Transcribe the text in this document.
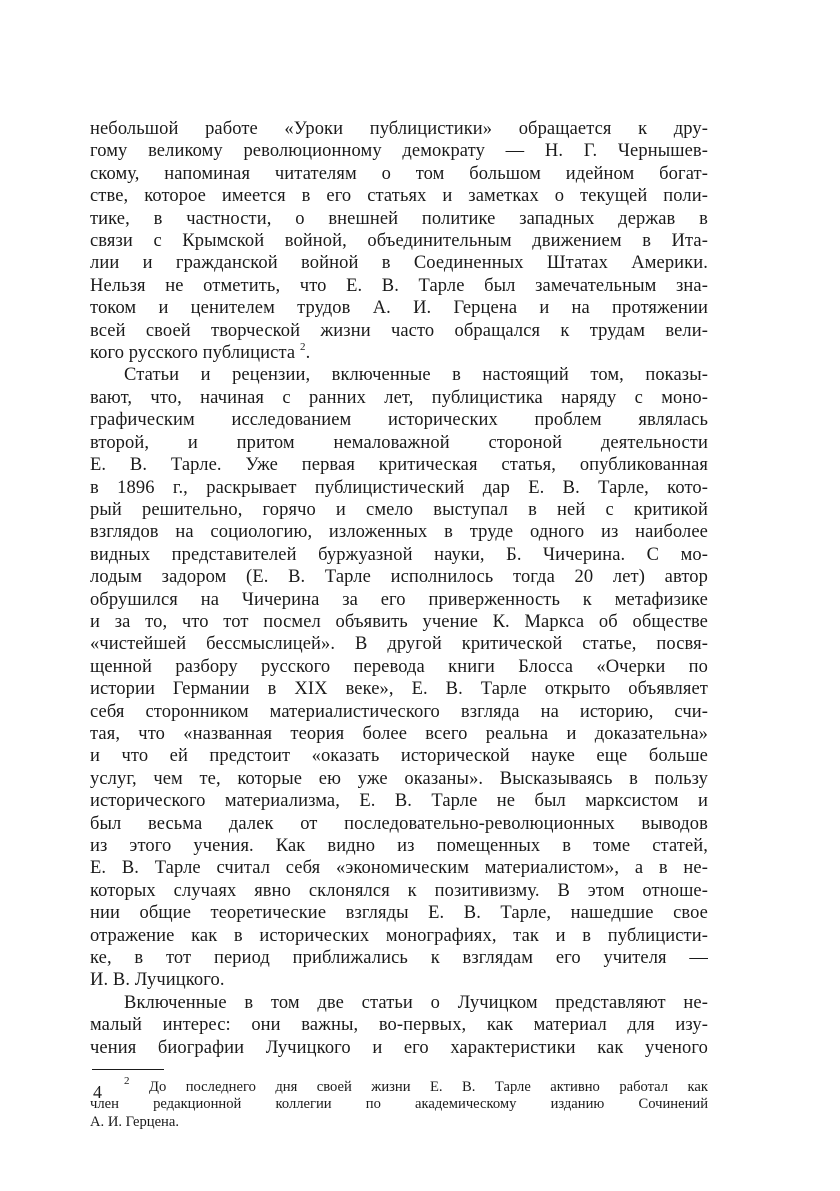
небольшой работе «Уроки публицистики» обращается к дру-
гому великому революционному демократу — Н. Г. Чернышев-
скому, напоминая читателям о том большом идейном богат-
стве, которое имеется в его статьях и заметках о текущей поли-
тике, в частности, о внешней политике западных держав в
связи с Крымской войной, объединительным движением в Ита-
лии и гражданской войной в Соединенных Штатах Америки.
Нельзя не отметить, что Е. В. Тарле был замечательным зна-
током и ценителем трудов А. И. Герцена и на протяжении
всей своей творческой жизни часто обращался к трудам вели-
кого русского публициста $^2$.
Статьи и рецензии, включенные в настоящий том, показы-
вают, что, начиная с ранних лет, публицистика наряду с моно-
графическим исследованием исторических проблем являлась
второй, и притом немаловажной стороной деятельности
Е. В. Тарле. Уже первая критическая статья, опубликованная
в 1896 г., раскрывает публицистический дар Е. В. Тарле, кото-
рый решительно, горячо и смело выступал в ней с критикой
взглядов на социологию, изложенных в труде одного из наиболее
видных представителей буржуазной науки, Б. Чичерина. С мо-
лодым задором (Е. В. Тарле исполнилось тогда 20 лет) автор
обрушился на Чичерина за его приверженность к метафизике
и за то, что тот посмел объявить учение К. Маркса об обществе
«чистейшей бессмыслицей». В другой критической статье, посвя-
щенной разбору русского перевода книги Блосса «Очерки по
истории Германии в XIX веке», Е. В. Тарле открыто объявляет
себя сторонником материалистического взгляда на историю, счи-
тая, что «названная теория более всего реальна и доказательна»
и что ей предстоит «оказать исторической науке еще больше
услуг, чем те, которые ею уже оказаны». Высказываясь в пользу
исторического материализма, Е. В. Тарле не был марксистом и
был весьма далек от последовательно-революционных выводов
из этого учения. Как видно из помещенных в томе статей,
Е. В. Тарле считал себя «экономическим материалистом», а в не-
которых случаях явно склонялся к позитивизму. В этом отноше-
нии общие теоретические взгляды Е. В. Тарле, нашедшие свое
отражение как в исторических монографиях, так и в публицисти-
ке, в тот период приближались к взглядам его учителя —
И. В. Лучицкого.
Включенные в том две статьи о Лучицком представляют не-
малый интерес: они важны, во-первых, как материал для изу-
чения биографии Лучицкого и его характеристики как ученого
$^2$ До последнего дня своей жизни Е. В. Тарле активно работал как
член редакционной коллегии по академическому изданию Сочинений
А. И. Герцена.
4
